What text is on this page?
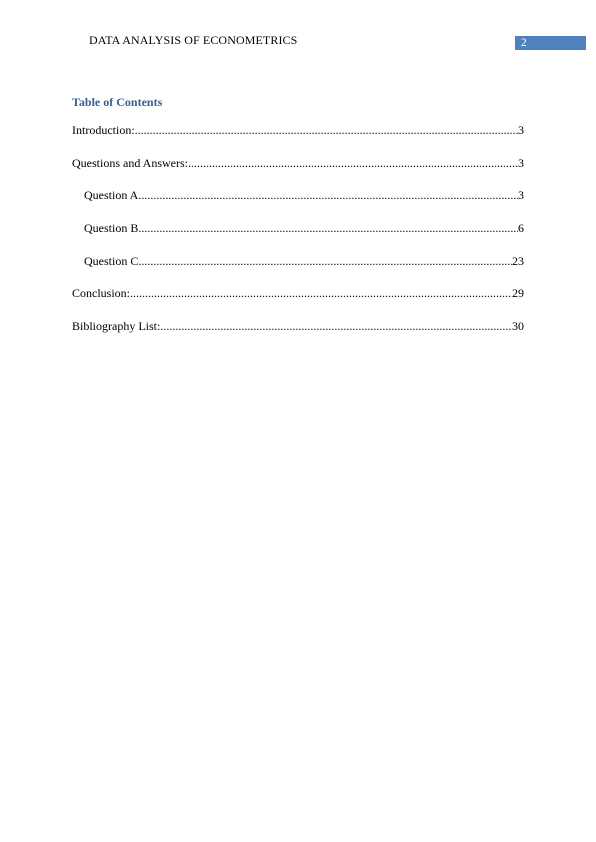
DATA ANALYSIS OF ECONOMETRICS	2
Table of Contents
Introduction: .....	3
Questions and Answers: .....	3
Question A .....	3
Question B .....	6
Question C .....	23
Conclusion: .....	29
Bibliography List: .....	30
